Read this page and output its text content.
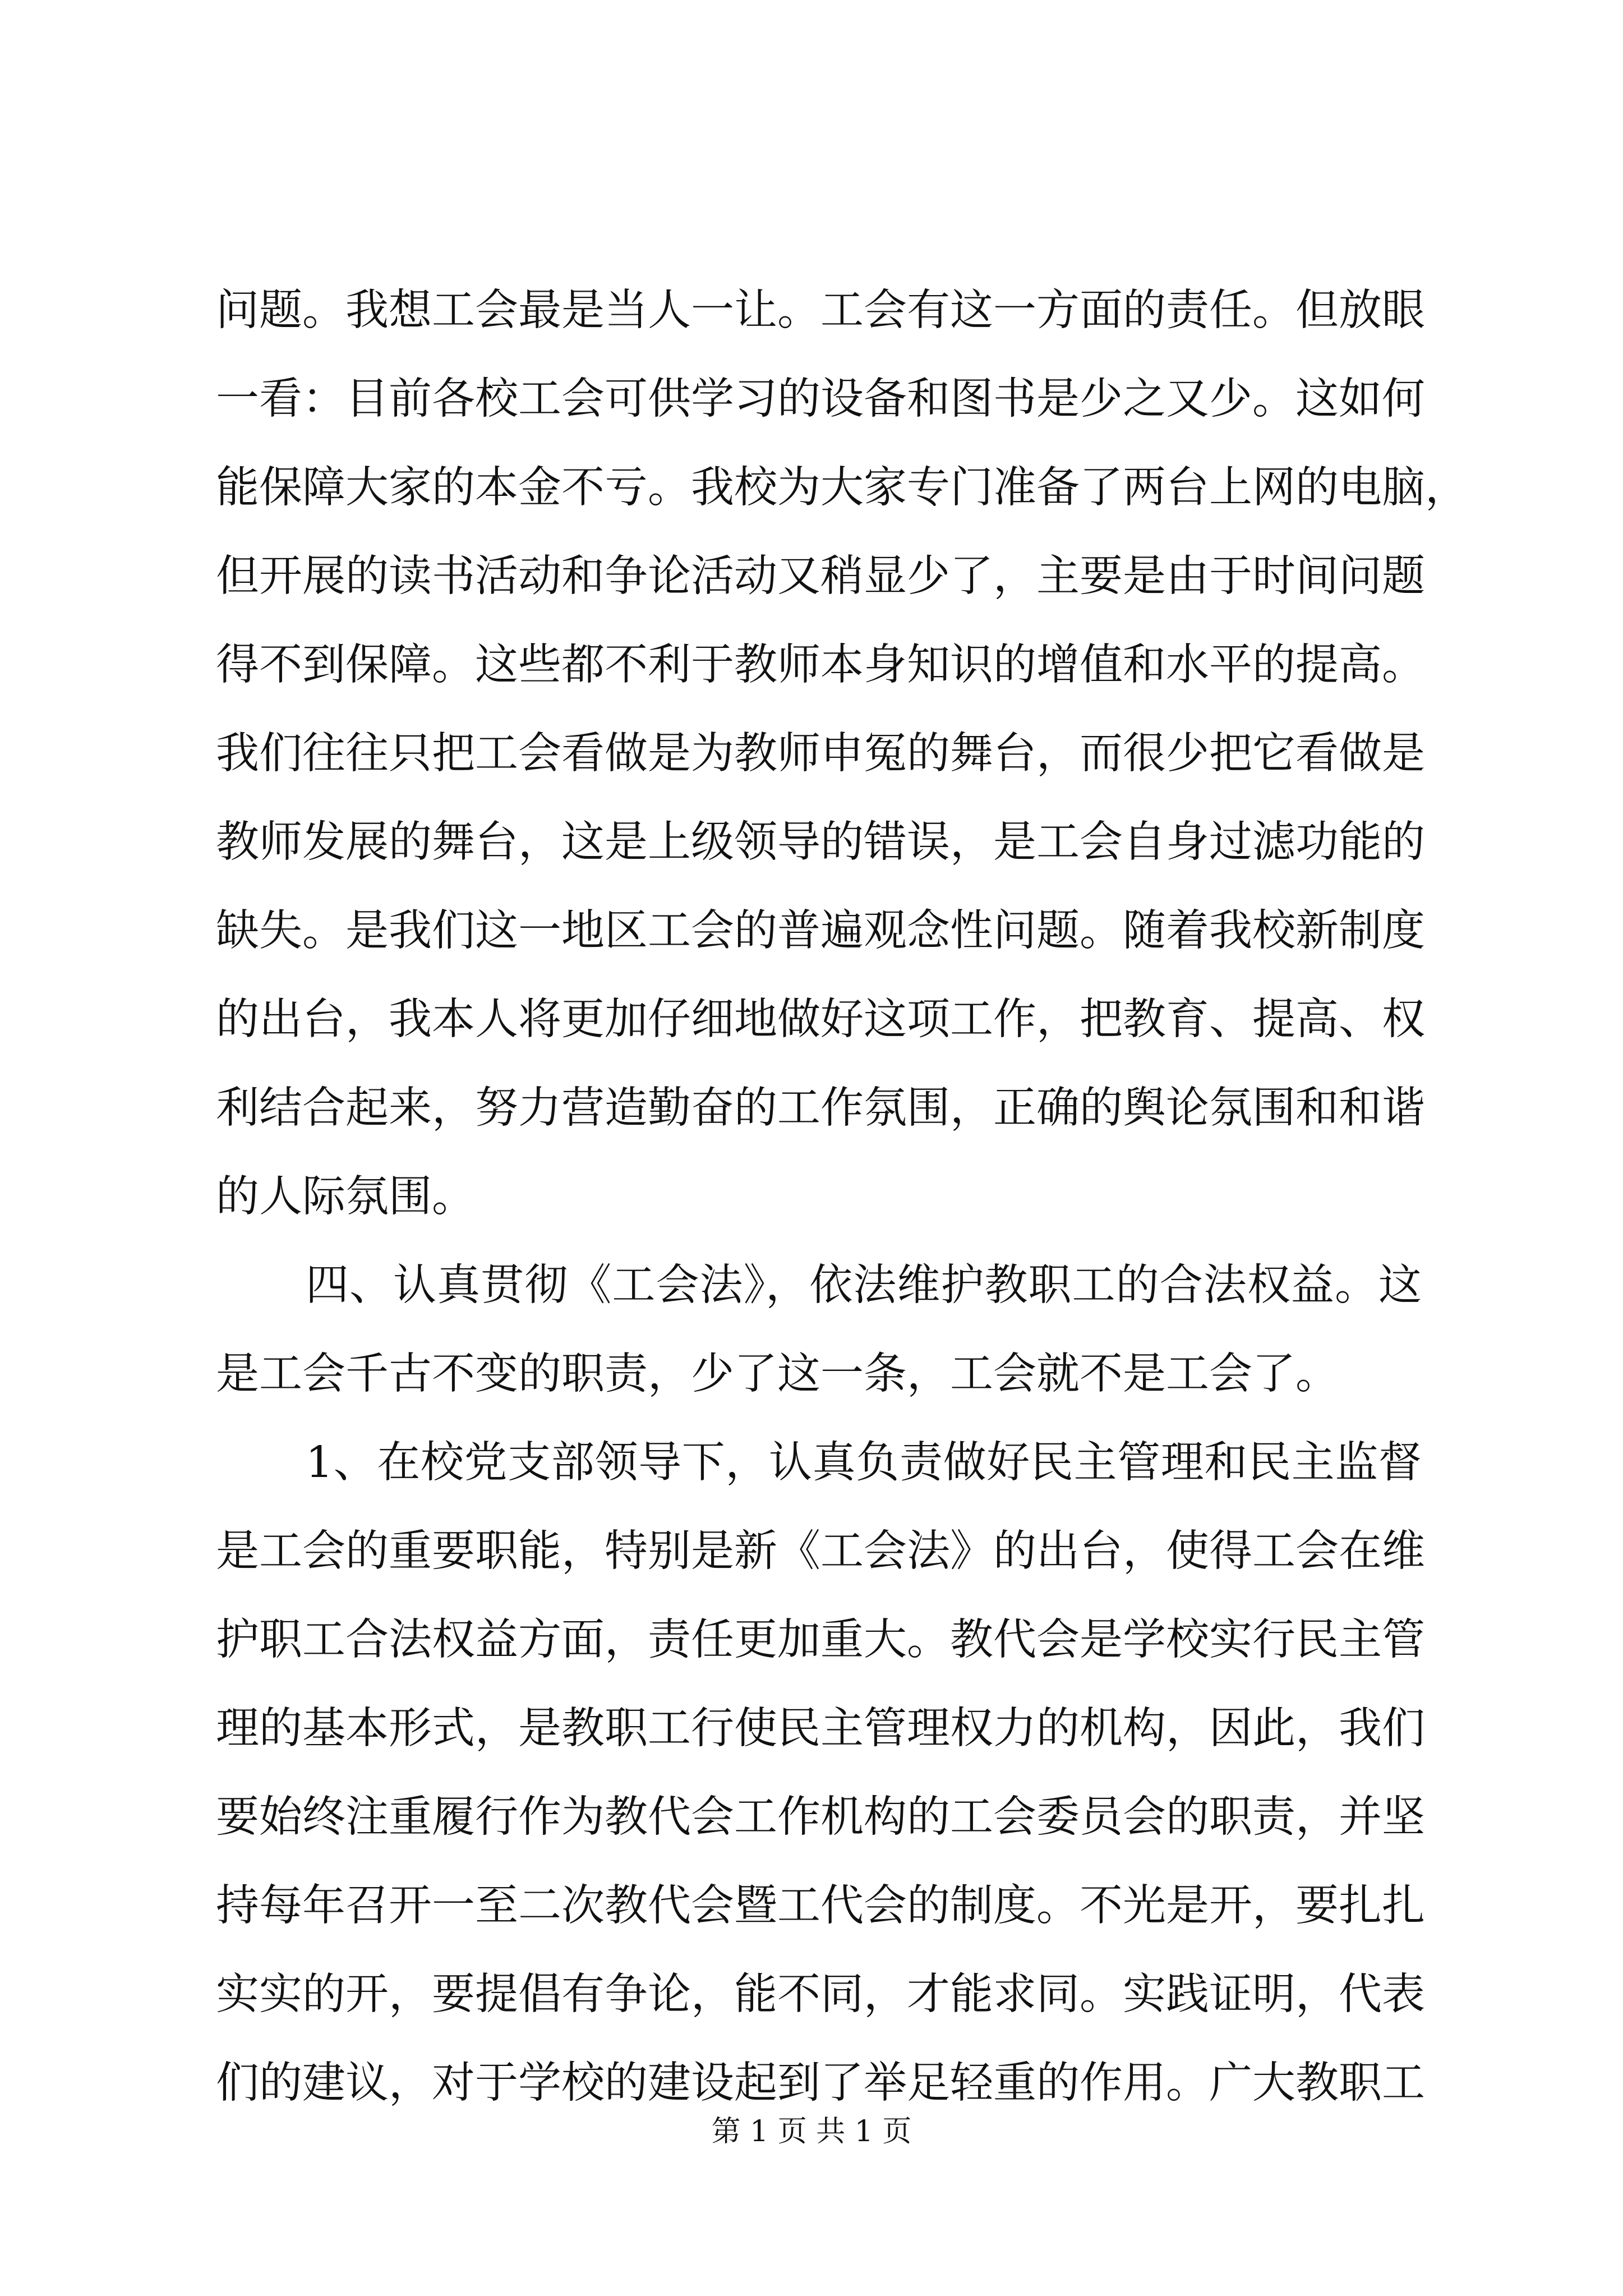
问题。我想工会最是当人一让。工会有这一方面的责任。但放眼
一看：目前各校工会可供学习的设备和图书是少之又少。这如何
能保障大家的本金不亏。我校为大家专门准备了两台上网的电脑，
但开展的读书活动和争论活动又稍显少了，主要是由于时间问题
得不到保障。这些都不利于教师本身知识的增值和水平的提高。
我们往往只把工会看做是为教师申冤的舞台，而很少把它看做是
教师发展的舞台，这是上级领导的错误，是工会自身过滤功能的
缺失。是我们这一地区工会的普遍观念性问题。随着我校新制度
的出台，我本人将更加仔细地做好这项工作，把教育、提高、权
利结合起来，努力营造勤奋的工作氛围，正确的舆论氛围和和谐
的人际氛围。
四、认真贯彻《工会法》，依法维护教职工的合法权益。这
是工会千古不变的职责，少了这一条，工会就不是工会了。
1、在校党支部领导下，认真负责做好民主管理和民主监督
是工会的重要职能，特别是新《工会法》的出台，使得工会在维
护职工合法权益方面，责任更加重大。教代会是学校实行民主管
理的基本形式，是教职工行使民主管理权力的机构，因此，我们
要始终注重履行作为教代会工作机构的工会委员会的职责，并坚
持每年召开一至二次教代会暨工代会的制度。不光是开，要扎扎
实实的开，要提倡有争论，能不同，才能求同。实践证明，代表
们的建议，对于学校的建设起到了举足轻重的作用。广大教职工
第 1 页 共 1 页
